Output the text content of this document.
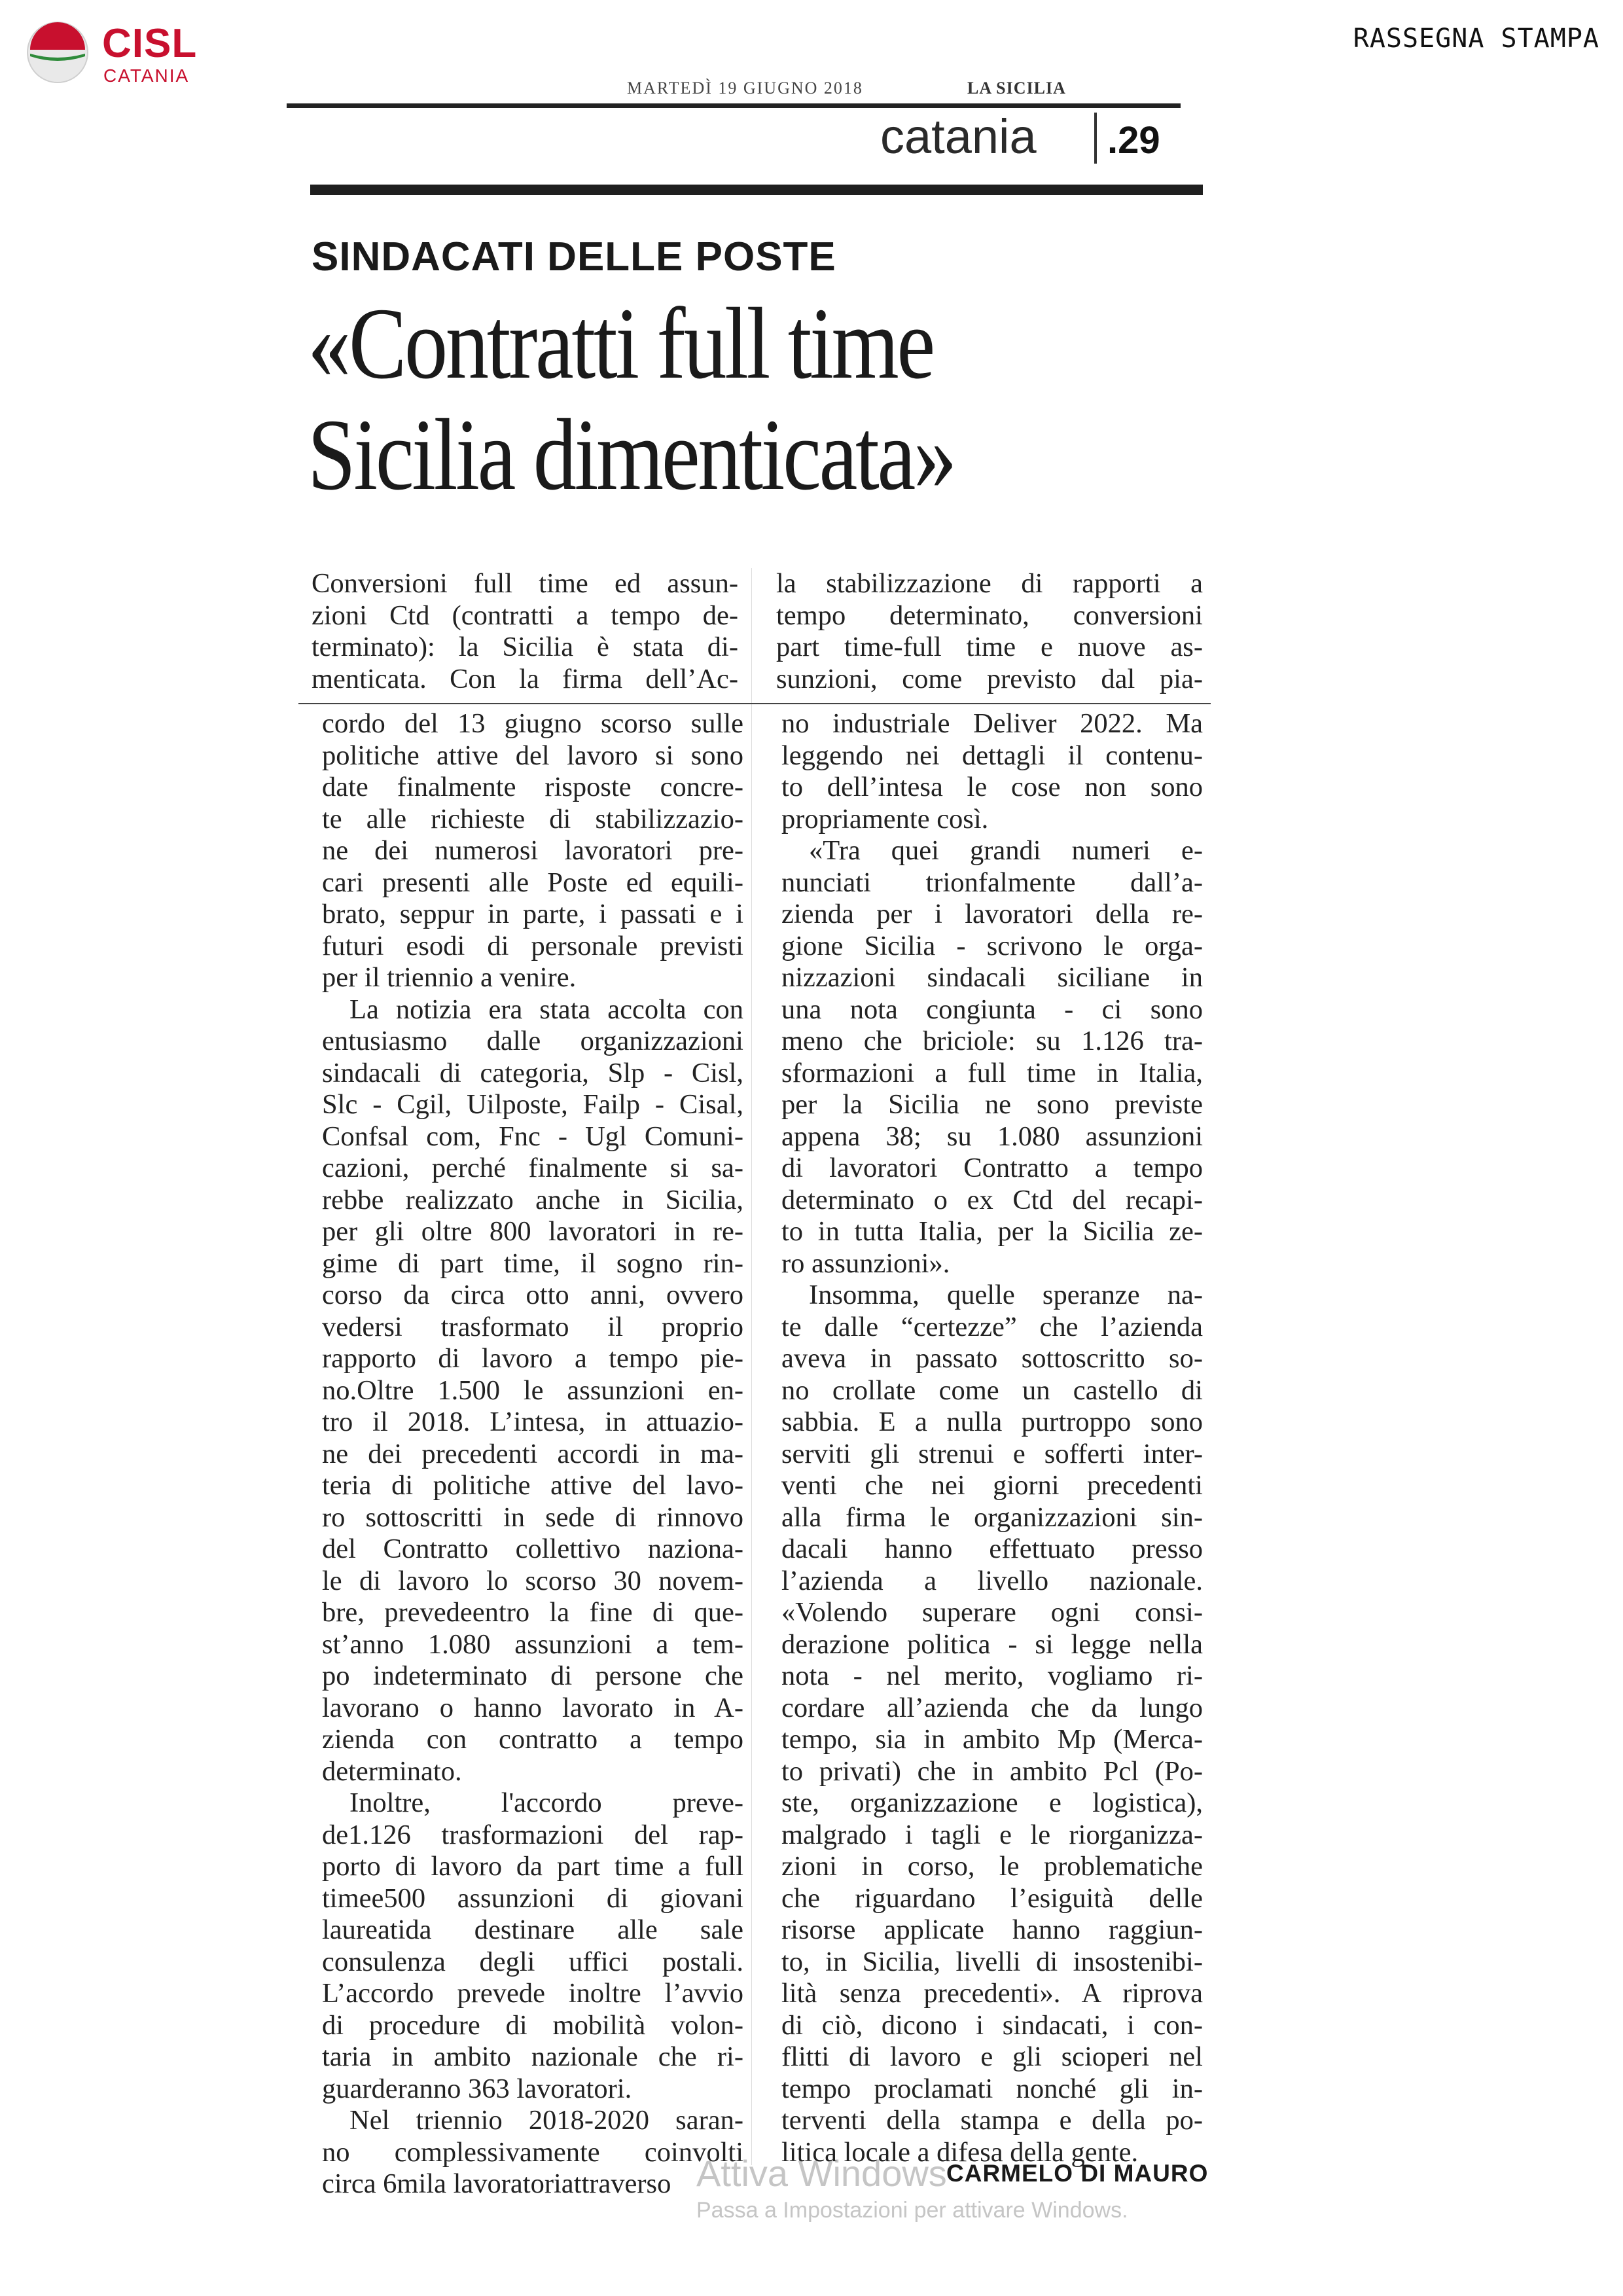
CISL
CATANIA
RASSEGNA STAMPA
MARTEDÌ 19 GIUGNO 2018	LA SICILIA
catania .29
SINDACATI DELLE POSTE
«Contratti full time
Sicilia dimenticata»
Conversioni full time ed assun-
zioni Ctd (contratti a tempo de-
terminato): la Sicilia è stata di-
menticata. Con la firma dell’Ac-
la stabilizzazione di rapporti a
tempo determinato, conversioni
part time-full time e nuove as-
sunzioni, come previsto dal pia-
cordo del 13 giugno scorso sulle
politiche attive del lavoro si sono
date finalmente risposte concre-
te alle richieste di stabilizzazio-
ne dei numerosi lavoratori pre-
cari presenti alle Poste ed equili-
brato, seppur in parte, i passati e i
futuri esodi di personale previsti
per il triennio a venire.
La notizia era stata accolta con
entusiasmo dalle organizzazioni
sindacali di categoria, Slp - Cisl,
Slc - Cgil, Uilposte, Failp - Cisal,
Confsal com, Fnc - Ugl Comuni-
cazioni, perché finalmente si sa-
rebbe realizzato anche in Sicilia,
per gli oltre 800 lavoratori in re-
gime di part time, il sogno rin-
corso da circa otto anni, ovvero
vedersi trasformato il proprio
rapporto di lavoro a tempo pie-
no.Oltre 1.500 le assunzioni en-
tro il 2018. L’intesa, in attuazio-
ne dei precedenti accordi in ma-
teria di politiche attive del lavo-
ro sottoscritti in sede di rinnovo
del Contratto collettivo naziona-
le di lavoro lo scorso 30 novem-
bre, prevedeentro la fine di que-
st’anno 1.080 assunzioni a tem-
po indeterminato di persone che
lavorano o hanno lavorato in A-
zienda con contratto a tempo
determinato.
Inoltre, l'accordo preve-
de1.126 trasformazioni del rap-
porto di lavoro da part time a full
timee500 assunzioni di giovani
laureatida destinare alle sale
consulenza degli uffici postali.
L’accordo prevede inoltre l’avvio
di procedure di mobilità volon-
taria in ambito nazionale che ri-
guarderanno 363 lavoratori.
Nel triennio 2018-2020 saran-
no complessivamente coinvolti
circa 6mila lavoratoriattraverso
no industriale Deliver 2022. Ma
leggendo nei dettagli il contenu-
to dell’intesa le cose non sono
propriamente così.
«Tra quei grandi numeri e-
nunciati trionfalmente dall’a-
zienda per i lavoratori della re-
gione Sicilia - scrivono le orga-
nizzazioni sindacali siciliane in
una nota congiunta - ci sono
meno che briciole: su 1.126 tra-
sformazioni a full time in Italia,
per la Sicilia ne sono previste
appena 38; su 1.080 assunzioni
di lavoratori Contratto a tempo
determinato o ex Ctd del recapi-
to in tutta Italia, per la Sicilia ze-
ro assunzioni».
Insomma, quelle speranze na-
te dalle “certezze” che l’azienda
aveva in passato sottoscritto so-
no crollate come un castello di
sabbia. E a nulla purtroppo sono
serviti gli strenui e sofferti inter-
venti che nei giorni precedenti
alla firma le organizzazioni sin-
dacali hanno effettuato presso
l’azienda a livello nazionale.
«Volendo superare ogni consi-
derazione politica - si legge nella
nota - nel merito, vogliamo ri-
cordare all’azienda che da lungo
tempo, sia in ambito Mp (Merca-
to privati) che in ambito Pcl (Po-
ste, organizzazione e logistica),
malgrado i tagli e le riorganizza-
zioni in corso, le problematiche
che riguardano l’esiguità delle
risorse applicate hanno raggiun-
to, in Sicilia, livelli di insostenibi-
lità senza precedenti». A riprova
di ciò, dicono i sindacati, i con-
flitti di lavoro e gli scioperi nel
tempo proclamati nonché gli in-
terventi della stampa e della po-
litica locale a difesa della gente.
CARMELO DI MAURO
Attiva Windows
Passa a Impostazioni per attivare Windows.
